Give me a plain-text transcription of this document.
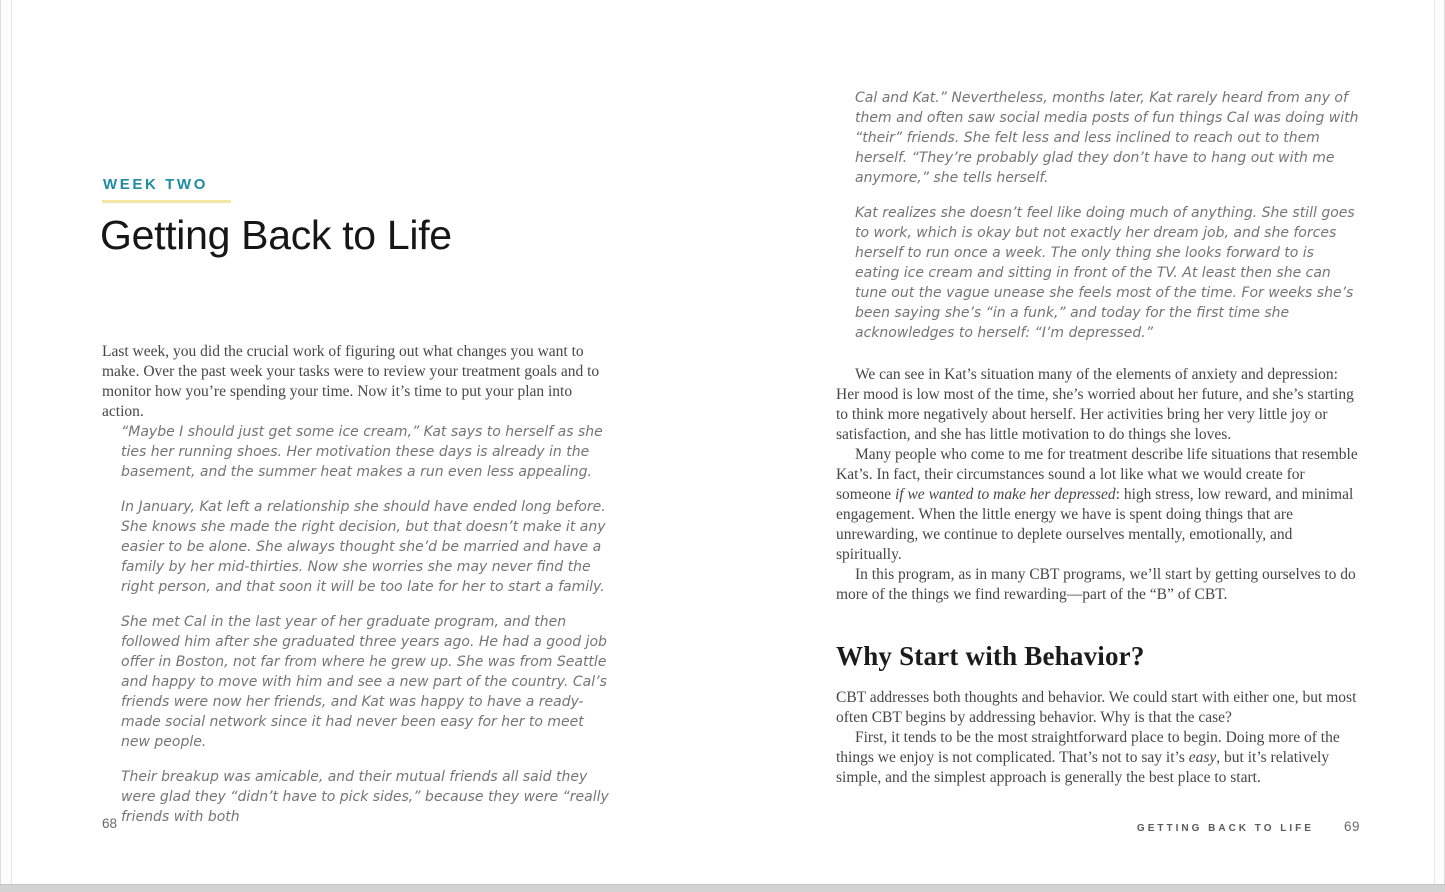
WEEK TWO
Getting Back to Life

Last week, you did the crucial work of figuring out what changes you want to make. Over the past week your tasks were to review your treatment goals and to monitor how you’re spending your time. Now it’s time to put your plan into action.

“Maybe I should just get some ice cream,” Kat says to herself as she ties her running shoes. Her motivation these days is already in the basement, and the summer heat makes a run even less appealing.

In January, Kat left a relationship she should have ended long before. She knows she made the right decision, but that doesn’t make it any easier to be alone. She always thought she’d be married and have a family by her mid-thirties. Now she worries she may never find the right person, and that soon it will be too late for her to start a family.

She met Cal in the last year of her graduate program, and then followed him after she graduated three years ago. He had a good job offer in Boston, not far from where he grew up. She was from Seattle and happy to move with him and see a new part of the country. Cal’s friends were now her friends, and Kat was happy to have a ready-made social network since it had never been easy for her to meet new people.

Their breakup was amicable, and their mutual friends all said they were glad they “didn’t have to pick sides,” because they were “really friends with both

68

Cal and Kat.” Nevertheless, months later, Kat rarely heard from any of them and often saw social media posts of fun things Cal was doing with “their” friends. She felt less and less inclined to reach out to them herself. “They’re probably glad they don’t have to hang out with me anymore,” she tells herself.

Kat realizes she doesn’t feel like doing much of anything. She still goes to work, which is okay but not exactly her dream job, and she forces herself to run once a week. The only thing she looks forward to is eating ice cream and sitting in front of the TV. At least then she can tune out the vague unease she feels most of the time. For weeks she’s been saying she’s “in a funk,” and today for the first time she acknowledges to herself: “I’m depressed.”

We can see in Kat’s situation many of the elements of anxiety and depression: Her mood is low most of the time, she’s worried about her future, and she’s starting to think more negatively about herself. Her activities bring her very little joy or satisfaction, and she has little motivation to do things she loves.

Many people who come to me for treatment describe life situations that resemble Kat’s. In fact, their circumstances sound a lot like what we would create for someone if we wanted to make her depressed: high stress, low reward, and minimal engagement. When the little energy we have is spent doing things that are unrewarding, we continue to deplete ourselves mentally, emotionally, and spiritually.

In this program, as in many CBT programs, we’ll start by getting ourselves to do more of the things we find rewarding—part of the “B” of CBT.

Why Start with Behavior?

CBT addresses both thoughts and behavior. We could start with either one, but most often CBT begins by addressing behavior. Why is that the case?

First, it tends to be the most straightforward place to begin. Doing more of the things we enjoy is not complicated. That’s not to say it’s easy, but it’s relatively simple, and the simplest approach is generally the best place to start.

GETTING BACK TO LIFE 69
